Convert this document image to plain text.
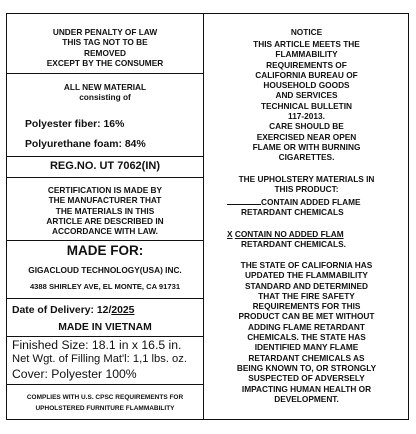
UNDER PENALTY OF LAW
THIS TAG NOT TO BE
REMOVED
EXCEPT BY THE CONSUMER
ALL NEW MATERIAL
consisting of
Polyester fiber: 16%
Polyurethane foam: 84%
REG.NO. UT 7062(IN)
CERTIFICATION IS MADE BY
THE MANUFACTURER THAT
THE MATERIALS IN THIS
ARTICLE ARE DESCRIBED IN
ACCORDANCE WITH LAW.
MADE FOR:
GIGACLOUD TECHNOLOGY(USA) INC.
4388 SHIRLEY AVE, EL MONTE, CA 91731
Date of Delivery: 12/2025
MADE IN VIETNAM
Finished Size: 18.1 in x 16.5 in.
Net Wgt. of Filling Mat'l: 1,1 lbs. oz.
Cover: Polyester 100%
COMPLIES WITH U.S. CPSC REQUIREMENTS FOR
UPHOLSTERED FURNITURE FLAMMABILITY
NOTICE
THIS ARTICLE MEETS THE
FLAMMABILITY
REQUIREMENTS OF
CALIFORNIA BUREAU OF
HOUSEHOLD GOODS
AND SERVICES
TECHNICAL BULLETIN
117-2013.
CARE SHOULD BE
EXERCISED NEAR OPEN
FLAME OR WITH BURNING
CIGARETTES.
THE UPHOLSTERY MATERIALS IN
THIS PRODUCT:
CONTAIN ADDED FLAME
RETARDANT CHEMICALS
X CONTAIN NO ADDED FLAM
RETARDANT CHEMICALS.
THE STATE OF CALIFORNIA HAS
UPDATED THE FLAMMABILITY
STANDARD AND DETERMINED
THAT THE FIRE SAFETY
REQUIREMENTS FOR THIS
PRODUCT CAN BE MET WITHOUT
ADDING FLAME RETARDANT
CHEMICALS. THE STATE HAS
IDENTIFIED MANY FLAME
RETARDANT CHEMICALS AS
BEING KNOWN TO, OR STRONGLY
SUSPECTED OF ADVERSELY
IMPACTING HUMAN HEALTH OR
DEVELOPMENT.
